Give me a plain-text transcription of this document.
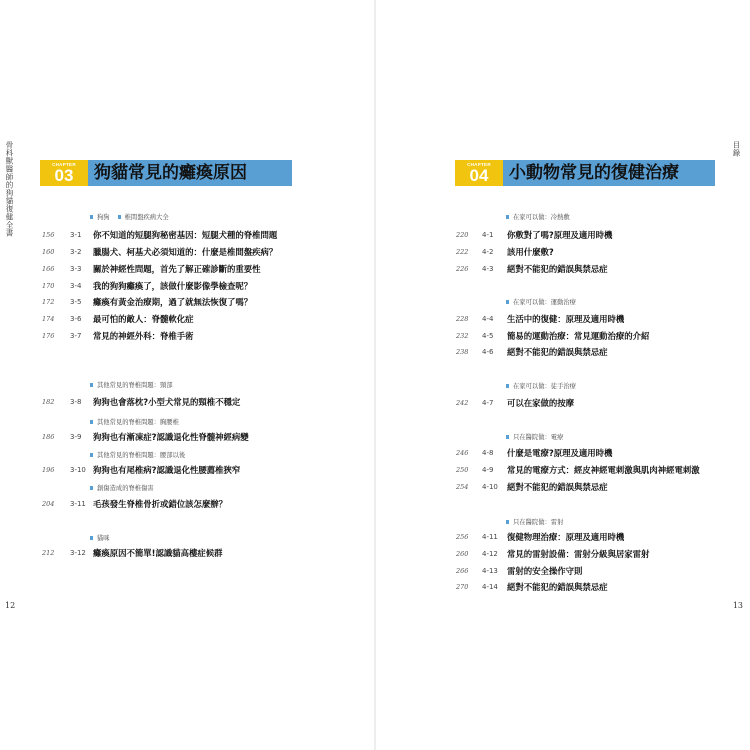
骨科獸醫師的狗貓復健全書	CHAPTER
03	狗貓常見的癱瘓原因
狗狗 椎間盤疾病大全
156	3-1	你不知道的短腿狗秘密基因：短腿犬種的脊椎問題
160	3-2	臘腸犬、柯基犬必須知道的：什麼是椎間盤疾病？
166	3-3	關於神經性問題，首先了解正確診斷的重要性
170	3-4	我的狗狗癱瘓了，該做什麼影像學檢查呢？
172	3-5	癱瘓有黃金治療期，過了就無法恢復了嗎？
174	3-6	最可怕的敵人：脊髓軟化症
176	3-7	常見的神經外科：脊椎手術
其他常見的脊椎問題：頸部
182	3-8	狗狗也會落枕?小型犬常見的頸椎不穩定
其他常見的脊椎問題：胸腰椎
186	3-9	狗狗也有漸凍症?認識退化性脊髓神經病變
其他常見的脊椎問題：腰部以後
196	3-10 狗狗也有尾椎病?認識退化性腰薦椎狹窄
創傷造成的脊椎傷害
204	3-11 毛孩發生脊椎骨折或錯位該怎麼辦？
貓咪
212	3-12 癱瘓原因不簡單!認識貓高樓症候群
12
目錄
CHAPTER
04	小動物常見的復健治療
在家可以做：冷熱敷
220	4-1	你敷對了嗎?原理及適用時機
222	4-2	該用什麼敷?
226	4-3	絕對不能犯的錯誤與禁忌症
在家可以做：運動治療
228	4-4	生活中的復健：原理及適用時機
232	4-5	簡易的運動治療：常見運動治療的介紹
238	4-6	絕對不能犯的錯誤與禁忌症
在家可以做：徒手治療
242	4-7	可以在家做的按摩
只在醫院做：電療
246	4-8	什麼是電療?原理及適用時機
250	4-9	常見的電療方式：經皮神經電刺激與肌肉神經電刺激
254	4-10	絕對不能犯的錯誤與禁忌症
只在醫院做：雷射
256	4-11	復健物理治療：原理及適用時機
260	4-12	常見的雷射設備：雷射分級與居家雷射
266	4-13	雷射的安全操作守則
270	4-14	絕對不能犯的錯誤與禁忌症
13
